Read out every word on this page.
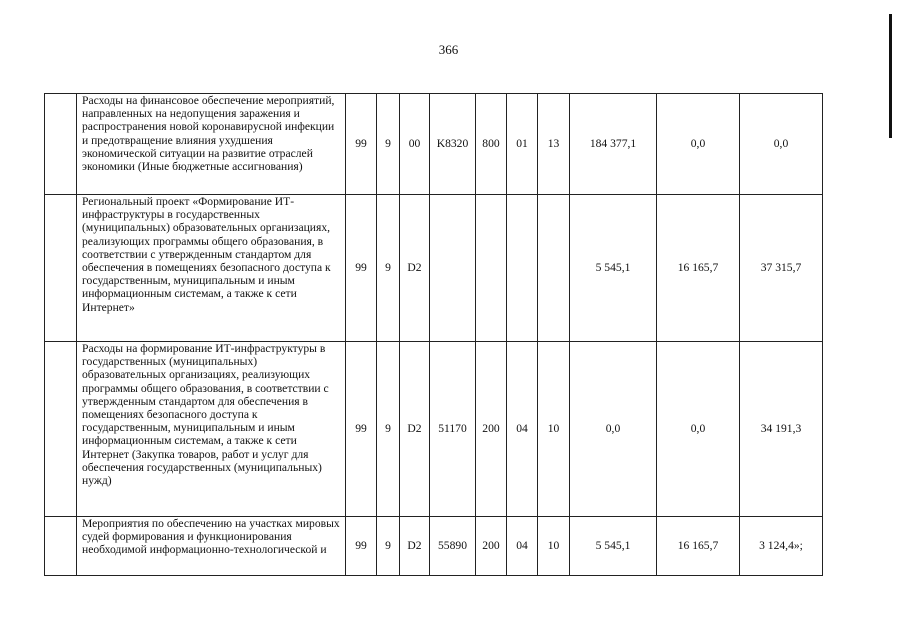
366
	Расходы на финансовое обеспечение мероприятий, направленных на недопущения заражения и распространения новой коронавирусной инфекции и предотвращение влияния ухудшения экономической ситуации на развитие отраслей экономики (Иные бюджетные ассигнования)	99	9	00	K8320	800	01	13	184 377,1	0,0	0,0
	Региональный проект «Формирование ИТ-инфраструктуры в государственных (муниципальных) образовательных организациях, реализующих программы общего образования, в соответствии с утвержденным стандартом для обеспечения в помещениях безопасного доступа к государственным, муниципальным и иным информационным системам, а также к сети Интернет»	99	9	D2					5 545,1	16 165,7	37 315,7
	Расходы на формирование ИТ-инфраструктуры в государственных (муниципальных) образовательных организациях, реализующих программы общего образования, в соответствии с утвержденным стандартом для обеспечения в помещениях безопасного доступа к государственным, муниципальным и иным информационным системам, а также к сети Интернет (Закупка товаров, работ и услуг для обеспечения государственных (муниципальных) нужд)	99	9	D2	51170	200	04	10	0,0	0,0	34 191,3
	Мероприятия по обеспечению на участках мировых судей формирования и функционирования необходимой информационно-технологической и	99	9	D2	55890	200	04	10	5 545,1	16 165,7	3 124,4»;
